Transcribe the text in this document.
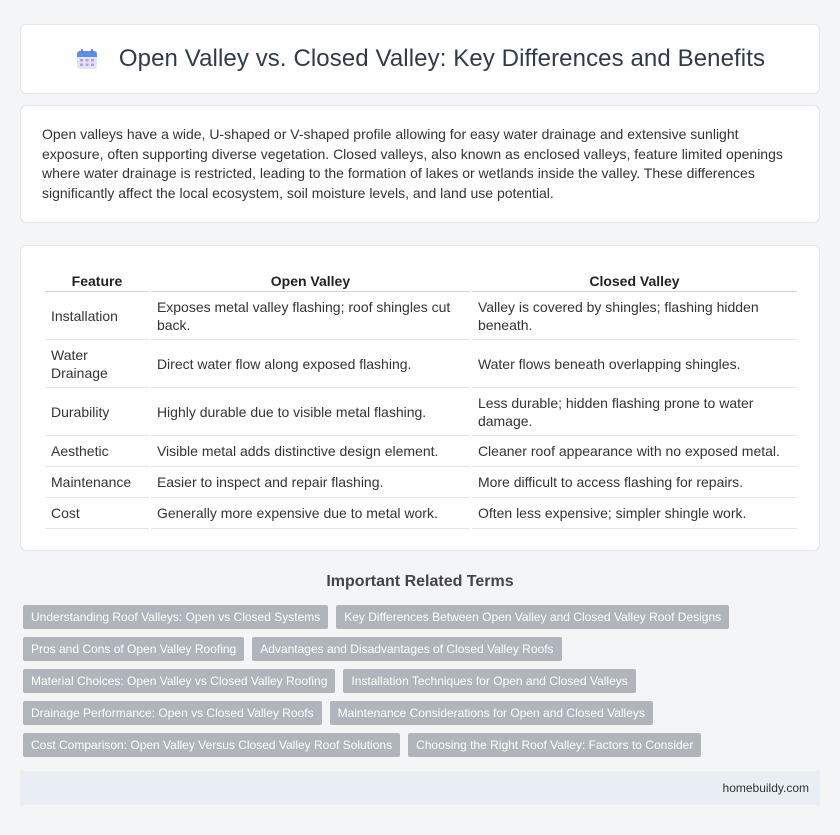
Open Valley vs. Closed Valley: Key Differences and Benefits

Open valleys have a wide, U-shaped or V-shaped profile allowing for easy water drainage and extensive sunlight exposure, often supporting diverse vegetation. Closed valleys, also known as enclosed valleys, feature limited openings where water drainage is restricted, leading to the formation of lakes or wetlands inside the valley. These differences significantly affect the local ecosystem, soil moisture levels, and land use potential.

Feature	Open Valley	Closed Valley
Installation	Exposes metal valley flashing; roof shingles cut back.	Valley is covered by shingles; flashing hidden beneath.
Water Drainage	Direct water flow along exposed flashing.	Water flows beneath overlapping shingles.
Durability	Highly durable due to visible metal flashing.	Less durable; hidden flashing prone to water damage.
Aesthetic	Visible metal adds distinctive design element.	Cleaner roof appearance with no exposed metal.
Maintenance	Easier to inspect and repair flashing.	More difficult to access flashing for repairs.
Cost	Generally more expensive due to metal work.	Often less expensive; simpler shingle work.
Important Related Terms
Understanding Roof Valleys: Open vs Closed Systems	Key Differences Between Open Valley and Closed Valley Roof Designs
Pros and Cons of Open Valley Roofing	Advantages and Disadvantages of Closed Valley Roofs
Material Choices: Open Valley vs Closed Valley Roofing	Installation Techniques for Open and Closed Valleys
Drainage Performance: Open vs Closed Valley Roofs	Maintenance Considerations for Open and Closed Valleys
Cost Comparison: Open Valley Versus Closed Valley Roof Solutions	Choosing the Right Roof Valley: Factors to Consider
homebuildy.com
